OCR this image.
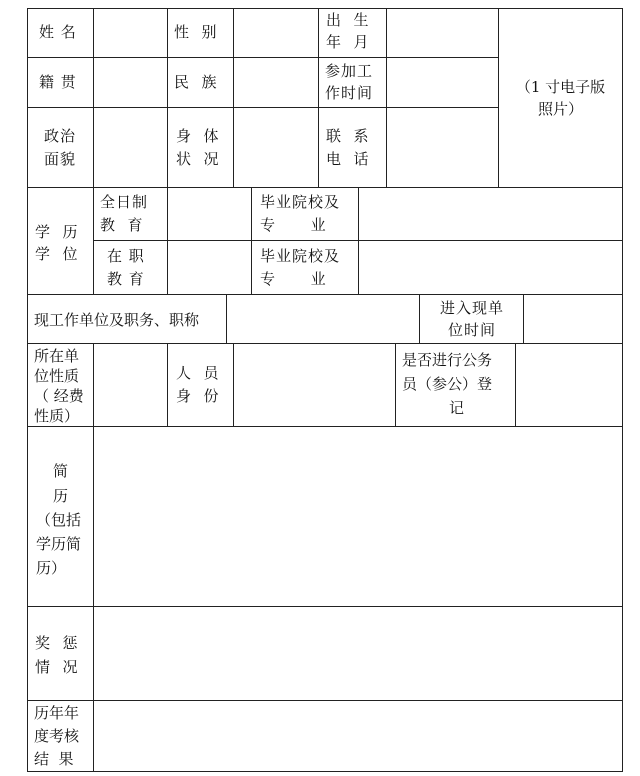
姓 名	性  别
出  生
年  月
籍 贯	民  族
参加工
作时间
政治
面貌
身  体
状  况
联  系
电  话
（1 寸电子版
照片）
学  历
学  位
全日制
教  育
毕业院校及
专      业
在 职
教 育
毕业院校及
专      业
现工作单位及职务、职称
进入现单
位时间
所在单
位性质
（ 经费
性质）
人  员
身  份
是否进行公务
员（参公）登
记
简
历
（包括
学历简
历）
奖  惩
情  况
历年年
度考核
结  果
